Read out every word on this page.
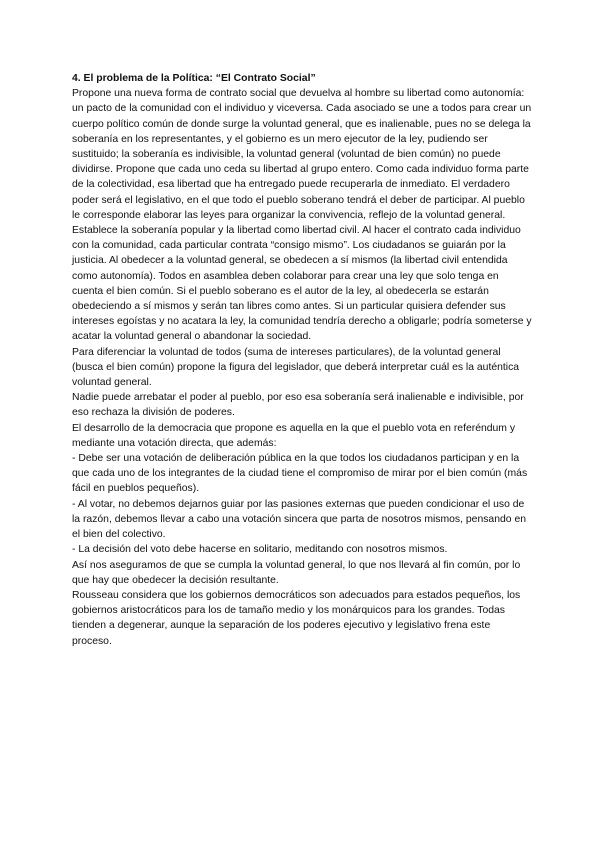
4. El problema de la Política: “El Contrato Social”

Propone una nueva forma de contrato social que devuelva al hombre su libertad como autonomía: un pacto de la comunidad con el individuo y viceversa. Cada asociado se une a todos para crear un cuerpo político común de donde surge la voluntad general, que es inalienable, pues no se delega la soberanía en los representantes, y el gobierno es un mero ejecutor de la ley, pudiendo ser sustituido; la soberanía es indivisible, la voluntad general (voluntad de bien común) no puede dividirse. Propone que cada uno ceda su libertad al grupo entero. Como cada individuo forma parte de la colectividad, esa libertad que ha entregado puede recuperarla de inmediato. El verdadero poder será el legislativo, en el que todo el pueblo soberano tendrá el deber de participar. Al pueblo le corresponde elaborar las leyes para organizar la convivencia, reflejo de la voluntad general.

Establece la soberanía popular y la libertad como libertad civil. Al hacer el contrato cada individuo con la comunidad, cada particular contrata “consigo mismo”. Los ciudadanos se guiarán por la justicia. Al obedecer a la voluntad general, se obedecen a sí mismos (la libertad civil entendida como autonomía). Todos en asamblea deben colaborar para crear una ley que solo tenga en cuenta el bien común. Si el pueblo soberano es el autor de la ley, al obedecerla se estarán obedeciendo a sí mismos y serán tan libres como antes. Si un particular quisiera defender sus intereses egoístas y no acatara la ley, la comunidad tendría derecho a obligarle; podría someterse y acatar la voluntad general o abandonar la sociedad.

Para diferenciar la voluntad de todos (suma de intereses particulares), de la voluntad general (busca el bien común) propone la figura del legislador, que deberá interpretar cuál es la auténtica voluntad general.

Nadie puede arrebatar el poder al pueblo, por eso esa soberanía será inalienable e indivisible, por eso rechaza la división de poderes.

El desarrollo de la democracia que propone es aquella en la que el pueblo vota en referéndum y mediante una votación directa, que además:

- Debe ser una votación de deliberación pública en la que todos los ciudadanos participan y en la que cada uno de los integrantes de la ciudad tiene el compromiso de mirar por el bien común (más fácil en pueblos pequeños).

- Al votar, no debemos dejarnos guiar por las pasiones externas que pueden condicionar el uso de la razón, debemos llevar a cabo una votación sincera que parta de nosotros mismos, pensando en el bien del colectivo.

- La decisión del voto debe hacerse en solitario, meditando con nosotros mismos.

Así nos aseguramos de que se cumpla la voluntad general, lo que nos llevará al fin común, por lo que hay que obedecer la decisión resultante.

Rousseau considera que los gobiernos democráticos son adecuados para estados pequeños, los gobiernos aristocráticos para los de tamaño medio y los monárquicos para los grandes. Todas tienden a degenerar, aunque la separación de los poderes ejecutivo y legislativo frena este proceso.
